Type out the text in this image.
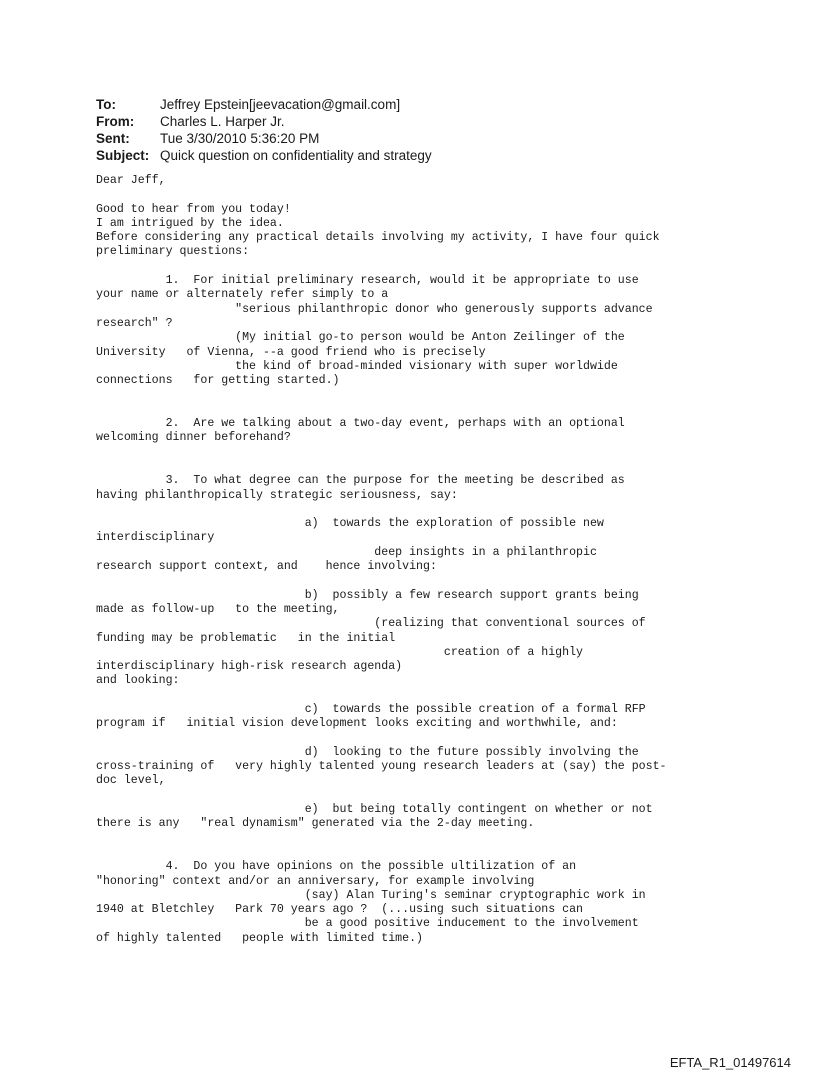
To:	Jeffrey Epstein[jeevacation@gmail.com]
From:	Charles L. Harper Jr.
Sent:	Tue 3/30/2010 5:36:20 PM
Subject: Quick question on confidentiality and strategy
Dear Jeff,

Good to hear from you today!
I am intrigued by the idea.
Before considering any practical details involving my activity, I have four quick
preliminary questions:

1.  For initial preliminary research, would it be appropriate to use
your name or alternately refer simply to a
"serious philanthropic donor who generously supports advance
research" ?
(My initial go-to person would be Anton Zeilinger of the
University   of Vienna, --a good friend who is precisely
the kind of broad-minded visionary with super worldwide
connections   for getting started.)

2.  Are we talking about a two-day event, perhaps with an optional
welcoming dinner beforehand?

3.  To what degree can the purpose for the meeting be described as
having philanthropically strategic seriousness, say:

a)  towards the exploration of possible new
interdisciplinary
deep insights in a philanthropic
research support context, and    hence involving:

b)  possibly a few research support grants being
made as follow-up   to the meeting,
(realizing that conventional sources of
funding may be problematic   in the initial
creation of a highly
interdisciplinary high-risk research agenda)
and looking:

c)  towards the possible creation of a formal RFP
program if   initial vision development looks exciting and worthwhile, and:

d)  looking to the future possibly involving the
cross-training of   very highly talented young research leaders at (say) the post-
doc level,

e)  but being totally contingent on whether or not
there is any   "real dynamism" generated via the 2-day meeting.

4.  Do you have opinions on the possible ultilization of an
"honoring" context and/or an anniversary, for example involving
(say) Alan Turing's seminar cryptographic work in
1940 at Bletchley   Park 70 years ago ?  (...using such situations can
be a good positive inducement to the involvement
of highly talented   people with limited time.)
EFTA_R1_01497614
